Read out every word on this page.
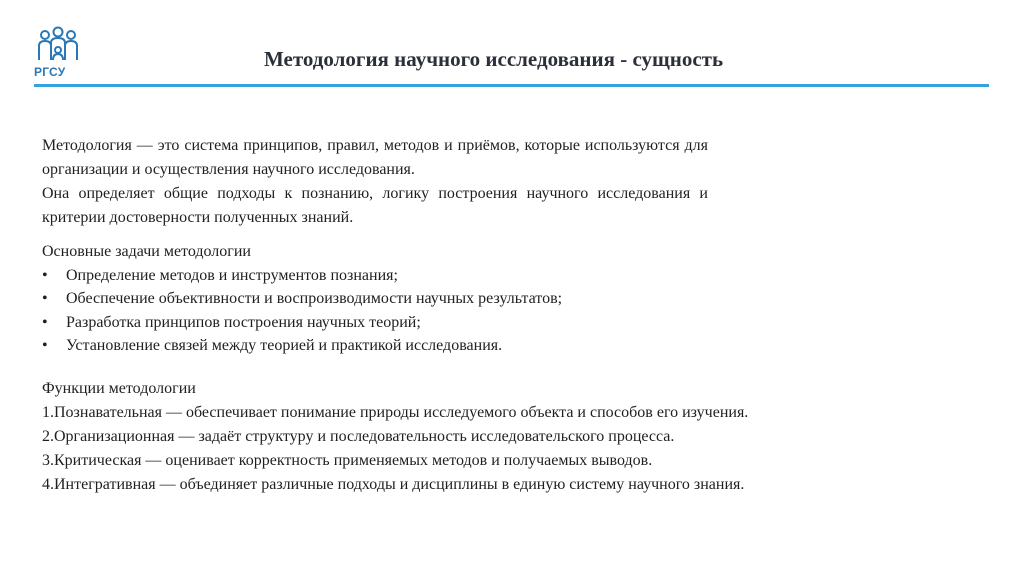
РГСУ
Методология научного исследования - сущность

Методология — это система принципов, правил, методов и приёмов, которые используются для организации и осуществления научного исследования.

Она определяет общие подходы к познанию, логику построения научного исследования и критерии достоверности полученных знаний.

Основные задачи методологии

• Определение методов и инструментов познания;
• Обеспечение объективности и воспроизводимости научных результатов;
• Разработка принципов построения научных теорий;
• Установление связей между теорией и практикой исследования.

Функции методологии

1.Познавательная — обеспечивает понимание природы исследуемого объекта и способов его изучения.
2.Организационная — задаёт структуру и последовательность исследовательского процесса.
3.Критическая — оценивает корректность применяемых методов и получаемых выводов.
4.Интегративная — объединяет различные подходы и дисциплины в единую систему научного знания.
